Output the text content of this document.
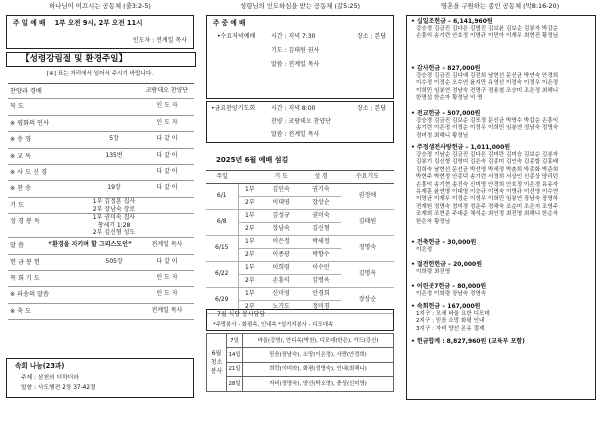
하나님이 이끄시는 공동체 (출3:2-5)
주 일 예 배 1부 오전 9시, 2부 오전 11시
인도자 : 전계일 목사
【성령강림절 및 환경주일】
[※] 표는 자리에서 일어서 주시기 바랍니다.
찬양과 경배	코람데오 찬양단
묵 도	인 도 자
※ 평화의 인사	인 도 자
※ 송 영	5장	다 같 이
※ 교 독	135번	다 같 이
※ 사 도 신 경	다 같 이
※ 찬 송	19장	다 같 이
기 도
1부 김정훈 집사
2부 장남숙 장로
성 경 봉 독
1부 권미숙 집사
창세기 1:28
2부 김신형 성도
말 씀	“환경을 지키며 할 그리스도인”	전계일 목사
헌 금 봉 헌	505장	다 같 이
목 회 기 도	인 도 자
※ 파송의 말씀	인 도 자
※ 축 도	전계일 목사
속회 나눔(23과)
주제 : 삼천의 더하더라
말씀 : 사도행전 2장 37-42절
성령님의 인도하심을 받는 공동체 (갈5:25)
주 중 예 배
•수요저녁예배	시간 : 저녁 7:30	장소 : 본당
기도 : 김태원 권사
말씀 : 전계일 목사
•금요찬양기도회	시간 : 저녁 8:00	장소 : 본당
찬양 : 코람데오 찬양단
말씀 : 전계일 목사
2025년 6월 예배 섬김
주일		기 도	성 경	수요기도
6/1	1부	김인숙	권기숙	권정애
	2부	이대영	장상순	
6/8	1부	김성규	권미숙	김태원
	2부	장남숙	김신형	
6/15	1부	이은정	박세정	정명숙
	2부	이종광	박향수	
6/22	1부	이희령	이수민	김명옥
	2부	손흥익	김명옥	
6/29	1부	신미영	안경희	장상순
	2부	노기도	정미경	
7월 식당 봉사담당
*주방봉사 - 화평속, 인내속 *설거지봉사 - 디모데속
6월 청소 봉사	7일	바울(강명), 안디옥(박천), 디모데(한은), 가드(강신)
	14일	믿음(장남숙), 소망(이은정), 사랑(안경희)
	21일	희락(이미라), 화평(정명숙), 인내(최해니)
	28일	자비(정명숙), 양선(박소영), 충성(신미영)
영혼을 구원하는 종인 공동체 (막8:16-20)
• 십일조헌금 – 6,141,960원
강승경 김금진 김다은 김범진 김보윤 김보순 김봉자 박감순
손흥익 송기련 안호정 이명규 이민아 이재우 최현진 황정님
• 감사헌금 – 827,000원
강승경 김금진 김다예 김진희 남현선 문선균 박연숙 안경희
이수정 이정순 오수연 윤지만 유영선 이정숙 이정우 이은정
이희민 임봉연 정남숙 전명구 정용철 조승미 조은정 최해니
한명섭 한순자 황정님 익 명
• 전교헌금 – 507,000원
강승경 김금진 김보순 김포정 문선균 박명수 박갑순 손흥익
송기련 이은정 이정순 이정우 이희민 임봉연 정남숙 정명숙
정미정 최해니 황정님
• 주정생전사랑헌금 – 1,011,000원
강승경 기남순 김금진 김다은 김미란 김미승 김보순 김봉자
김봉기 김신형 김영미 김은숙 김종미 김인숙 김종합 김홍배
김희숙 남현선 문선균 박선영 박세정 박춘희 박종화 박준희
박현주 박현정 안종덕 송기련 서정희 서상인 신종상 양리던
손흥익 송기현 송진숙 신미영 안경희 안호정 이은경 유유자
유재훈 윤연영 이대영 이승규 이명숙 이명규 이선영 이수연
이영균 이재우 이정순 이정우 이희민 임봉연 장남숙 장영하
전계원 정명숙 정미경 정운주 정해숙 조순미 조은지 조영주
조재희 조현준 주대준 채석순 최인정 최진영 최해니 한순자
한은자 황정님
• 건축헌금 – 30,000원
이은정
• 절전헌헌금 – 20,000원
이희령 최진영
• 어린곳7헌금 – 80,000원
이은정 이희령 장남숙 정명숙
• 속회헌금 – 167,000원
1지구 : 모세 바울 요한 디모데
2지구 : 믿음 소망 화평 인내
3지구 : 자비 양선 온유 절제
• 헌금합계 : 8,827,960원 (교육부 포함)
